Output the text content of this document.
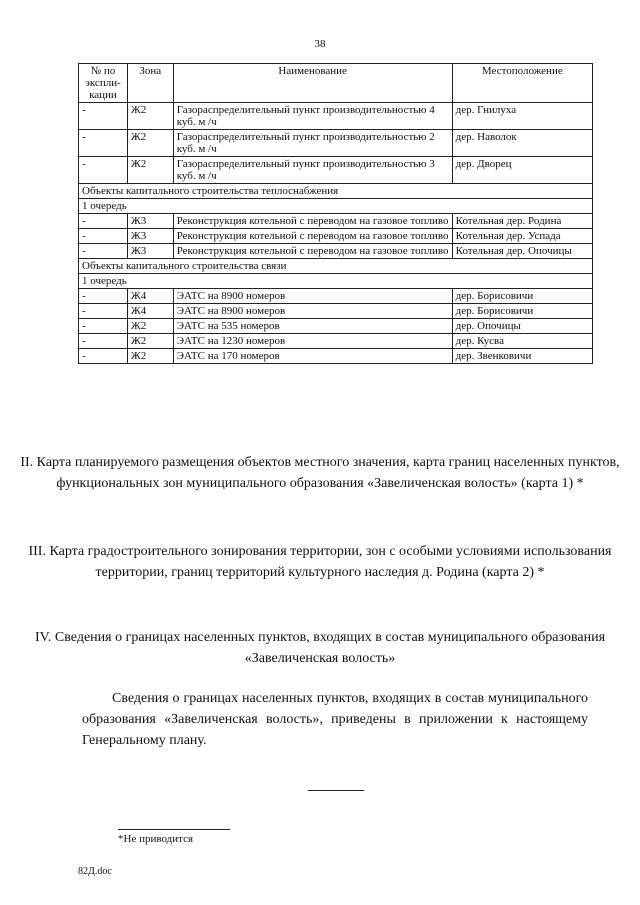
38
№ по экспли-кации	Зона	Наименование	Местоположение
-	Ж2	Газораспределительный пункт производительностью 4 куб. м /ч	дер. Гнилуха
-	Ж2	Газораспределительный пункт производительностью 2 куб. м /ч	дер. Наволок
-	Ж2	Газораспределительный пункт производительностью 3 куб. м /ч	дер. Дворец
Объекты капитального строительства теплоснабжения			
1 очередь			
-	Ж3	Реконструкция котельной с переводом на газовое топливо	Котельная дер. Родина
-	Ж3	Реконструкция котельной с переводом на газовое топливо	Котельная дер. Успада
-	Ж3	Реконструкция котельной с переводом на газовое топливо	Котельная дер. Опочицы
Объекты капитального строительства связи			
1 очередь			
-	Ж4	ЭАТС на 8900 номеров	дер. Борисовичи
-	Ж4	ЭАТС на 8900 номеров	дер. Борисовичи
-	Ж2	ЭАТС на 535 номеров	дер. Опочицы
-	Ж2	ЭАТС на 1230 номеров	дер. Кусва
-	Ж2	ЭАТС на 170 номеров	дер. Звенковичи
II. Карта планируемого размещения объектов местного значения, карта границ населенных пунктов, функциональных зон муниципального образования «Завеличенская волость» (карта 1) *
III. Карта градостроительного зонирования территории, зон с особыми условиями использования территории, границ территорий культурного наследия д. Родина (карта 2) *
IV. Сведения о границах населенных пунктов, входящих в состав муниципального образования «Завеличенская волость»
Сведения о границах населенных пунктов, входящих в состав муниципального образования «Завеличенская волость», приведены в приложении к настоящему Генеральному плану.
*Не приводится
82Д.doc
